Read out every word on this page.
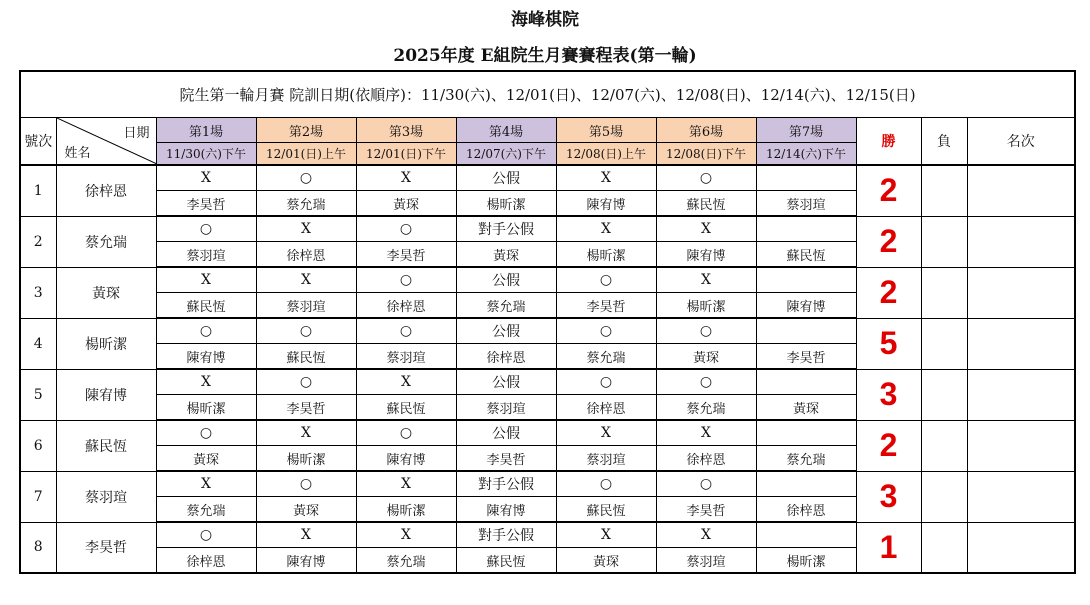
海峰棋院
2025年度 E組院生月賽賽程表(第一輪)
院生第一輪月賽 院訓日期(依順序)：11/30(六)、12/01(日)、12/07(六)、12/08(日)、12/14(六)、12/15(日)											
號次	日期
姓名	第1場	第2場	第3場	第4場	第5場	第6場	第7場	勝	負	名次
		11/30(六)下午	12/01(日)上午	12/01(日)下午	12/07(六)下午	12/08(日)上午	12/08(日)下午	12/14(六)下午			
1	徐梓恩	X	○	X	公假	X	○		2		
		李昊哲	蔡允瑞	黃琛	楊昕潔	陳宥博	蘇民恆	蔡羽瑄			
2	蔡允瑞	○	X	○	對手公假	X	X		2		
		蔡羽瑄	徐梓恩	李昊哲	黃琛	楊昕潔	陳宥博	蘇民恆			
3	黃琛	X	X	○	公假	○	X		2		
		蘇民恆	蔡羽瑄	徐梓恩	蔡允瑞	李昊哲	楊昕潔	陳宥博			
4	楊昕潔	○	○	○	公假	○	○		5		
		陳宥博	蘇民恆	蔡羽瑄	徐梓恩	蔡允瑞	黃琛	李昊哲			
5	陳宥博	X	○	X	公假	○	○		3		
		楊昕潔	李昊哲	蘇民恆	蔡羽瑄	徐梓恩	蔡允瑞	黃琛			
6	蘇民恆	○	X	○	公假	X	X		2		
		黃琛	楊昕潔	陳宥博	李昊哲	蔡羽瑄	徐梓恩	蔡允瑞			
7	蔡羽瑄	X	○	X	對手公假	○	○		3		
		蔡允瑞	黃琛	楊昕潔	陳宥博	蘇民恆	李昊哲	徐梓恩			
8	李昊哲	○	X	X	對手公假	X	X		1		
		徐梓恩	陳宥博	蔡允瑞	蘇民恆	黃琛	蔡羽瑄	楊昕潔			
